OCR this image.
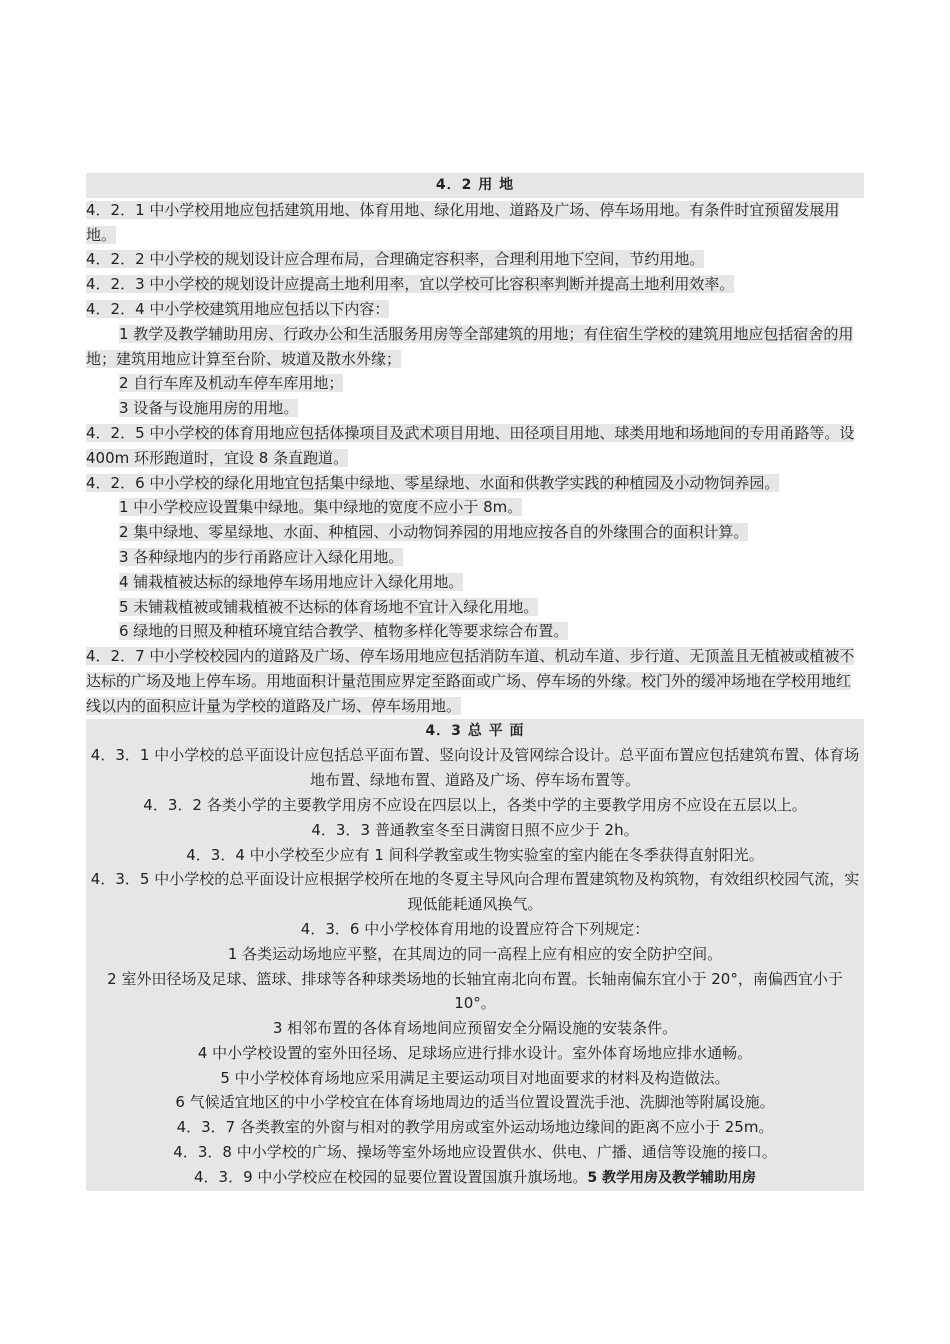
4．2 用 地
4．2．1 中小学校用地应包括建筑用地、体育用地、绿化用地、道路及广场、停车场用地。有条件时宜预留发展用地。
4．2．2 中小学校的规划设计应合理布局，合理确定容积率，合理利用地下空间，节约用地。
4．2．3 中小学校的规划设计应提高土地利用率，宜以学校可比容积率判断并提高土地利用效率。
4．2．4 中小学校建筑用地应包括以下内容：
1 教学及教学辅助用房、行政办公和生活服务用房等全部建筑的用地；有住宿生学校的建筑用地应包括宿舍的用地；建筑用地应计算至台阶、坡道及散水外缘；
2 自行车库及机动车停车库用地；
3 设备与设施用房的用地。
4．2．5 中小学校的体育用地应包括体操项目及武术项目用地、田径项目用地、球类用地和场地间的专用甬路等。设 400m 环形跑道时，宜设 8 条直跑道。
4．2．6 中小学校的绿化用地宜包括集中绿地、零星绿地、水面和供教学实践的种植园及小动物饲养园。
1 中小学校应设置集中绿地。集中绿地的宽度不应小于 8m。
2 集中绿地、零星绿地、水面、种植园、小动物饲养园的用地应按各自的外缘围合的面积计算。
3 各种绿地内的步行甬路应计入绿化用地。
4 铺栽植被达标的绿地停车场用地应计入绿化用地。
5 未铺栽植被或铺栽植被不达标的体育场地不宜计入绿化用地。
6 绿地的日照及种植环境宜结合教学、植物多样化等要求综合布置。
4．2．7 中小学校校园内的道路及广场、停车场用地应包括消防车道、机动车道、步行道、无顶盖且无植被或植被不达标的广场及地上停车场。用地面积计量范围应界定至路面或广场、停车场的外缘。校门外的缓冲场地在学校用地红线以内的面积应计量为学校的道路及广场、停车场用地。
4．3 总 平 面
4．3．1 中小学校的总平面设计应包括总平面布置、竖向设计及管网综合设计。总平面布置应包括建筑布置、体育场地布置、绿地布置、道路及广场、停车场布置等。
4．3．2 各类小学的主要教学用房不应设在四层以上，各类中学的主要教学用房不应设在五层以上。
4．3．3 普通教室冬至日满窗日照不应少于 2h。
4．3．4 中小学校至少应有 1 间科学教室或生物实验室的室内能在冬季获得直射阳光。
4．3．5 中小学校的总平面设计应根据学校所在地的冬夏主导风向合理布置建筑物及构筑物，有效组织校园气流，实现低能耗通风换气。
4．3．6 中小学校体育用地的设置应符合下列规定：
1 各类运动场地应平整，在其周边的同一高程上应有相应的安全防护空间。
2 室外田径场及足球、篮球、排球等各种球类场地的长轴宜南北向布置。长轴南偏东宜小于 20°，南偏西宜小于 10°。
3 相邻布置的各体育场地间应预留安全分隔设施的安装条件。
4 中小学校设置的室外田径场、足球场应进行排水设计。室外体育场地应排水通畅。
5 中小学校体育场地应采用满足主要运动项目对地面要求的材料及构造做法。
6 气候适宜地区的中小学校宜在体育场地周边的适当位置设置洗手池、洗脚池等附属设施。
4．3．7 各类教室的外窗与相对的教学用房或室外运动场地边缘间的距离不应小于 25m。
4．3．8 中小学校的广场、操场等室外场地应设置供水、供电、广播、通信等设施的接口。
4．3．9 中小学校应在校园的显要位置设置国旗升旗场地。5 教学用房及教学辅助用房
